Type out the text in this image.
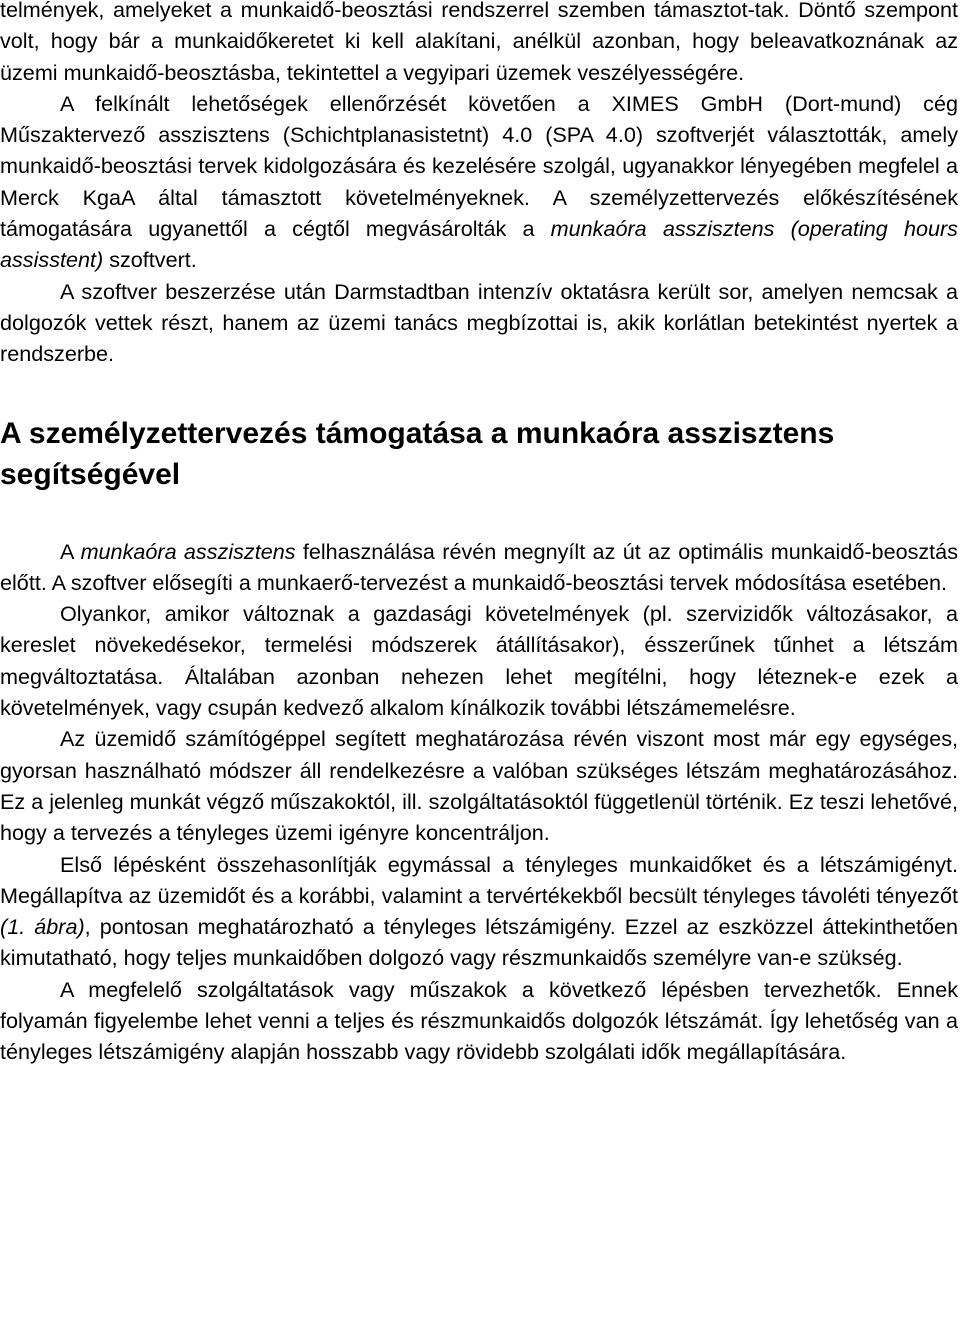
telmények, amelyeket a munkaidő-beosztási rendszerrel szemben támasztot-tak. Döntő szempont volt, hogy bár a munkaidőkeretet ki kell alakítani, anélkül azonban, hogy beleavatkoznának az üzemi munkaidő-beosztásba, tekintettel a vegyipari üzemek veszélyességére.

A felkínált lehetőségek ellenőrzését követően a XIMES GmbH (Dort-mund) cég Műszaktervező asszisztens (Schichtplanasistetnt) 4.0 (SPA 4.0) szoftverjét választották, amely munkaidő-beosztási tervek kidolgozására és kezelésére szolgál, ugyanakkor lényegében megfelel a Merck KgaA által támasztott követelményeknek. A személyzettervezés előkészítésének támogatására ugyanettől a cégtől megvásárolták a munkaóra asszisztens (operating hours assisstent) szoftvert.

A szoftver beszerzése után Darmstadtban intenzív oktatásra került sor, amelyen nemcsak a dolgozók vettek részt, hanem az üzemi tanács megbízottai is, akik korlátlan betekintést nyertek a rendszerbe.

A személyzettervezés támogatása a munkaóra asszisztens segítségével

A munkaóra asszisztens felhasználása révén megnyílt az út az optimális munkaidő-beosztás előtt. A szoftver elősegíti a munkaerő-tervezést a munkaidő-beosztási tervek módosítása esetében.

Olyankor, amikor változnak a gazdasági követelmények (pl. szervizidők változásakor, a kereslet növekedésekor, termelési módszerek átállításakor), ésszerűnek tűnhet a létszám megváltoztatása. Általában azonban nehezen lehet megítélni, hogy léteznek-e ezek a követelmények, vagy csupán kedvező alkalom kínálkozik további létszámemelésre.

Az üzemidő számítógéppel segített meghatározása révén viszont most már egy egységes, gyorsan használható módszer áll rendelkezésre a valóban szükséges létszám meghatározásához. Ez a jelenleg munkát végző műszakoktól, ill. szolgáltatásoktól függetlenül történik. Ez teszi lehetővé, hogy a tervezés a tényleges üzemi igényre koncentráljon.

Első lépésként összehasonlítják egymással a tényleges munkaidőket és a létszámigényt. Megállapítva az üzemidőt és a korábbi, valamint a tervértékekből becsült tényleges távoléti tényezőt (1. ábra), pontosan meghatározható a tényleges létszámigény. Ezzel az eszközzel áttekinthetően kimutatható, hogy teljes munkaidőben dolgozó vagy részmunkaidős személyre van-e szükség.

A megfelelő szolgáltatások vagy műszakok a következő lépésben tervezhetők. Ennek folyamán figyelembe lehet venni a teljes és részmunkaidős dolgozók létszámát. Így lehetőség van a tényleges létszámigény alapján hosszabb vagy rövidebb szolgálati idők megállapítására.
